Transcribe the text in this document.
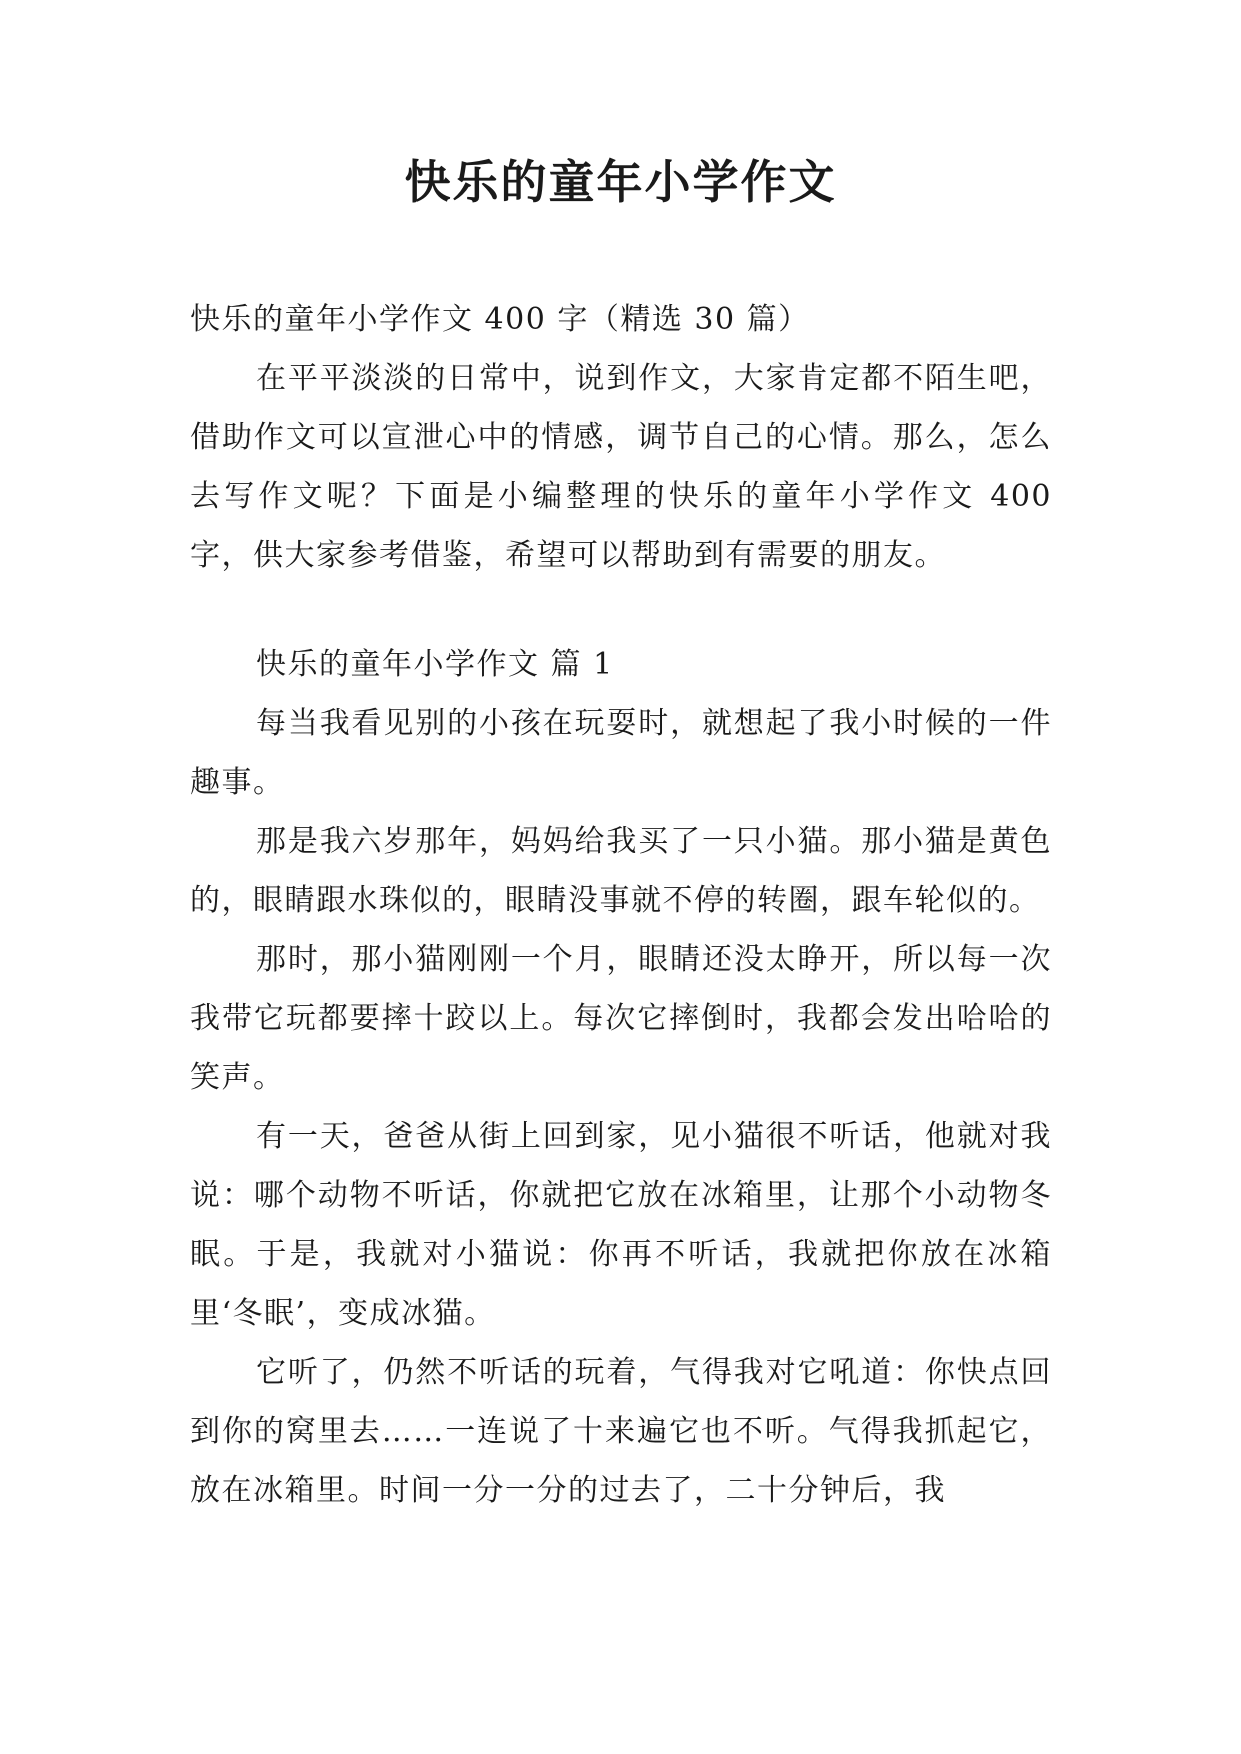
快乐的童年小学作文

快乐的童年小学作文 400 字（精选 30 篇）

在平平淡淡的日常中，说到作文，大家肯定都不陌生吧，借助作文可以宣泄心中的情感，调节自己的心情。那么，怎么去写作文呢？下面是小编整理的快乐的童年小学作文 400 字，供大家参考借鉴，希望可以帮助到有需要的朋友。

快乐的童年小学作文 篇 1

每当我看见别的小孩在玩耍时，就想起了我小时候的一件趣事。

那是我六岁那年，妈妈给我买了一只小猫。那小猫是黄色的，眼睛跟水珠似的，眼睛没事就不停的转圈，跟车轮似的。

那时，那小猫刚刚一个月，眼睛还没太睁开，所以每一次我带它玩都要摔十跤以上。每次它摔倒时，我都会发出哈哈的笑声。

有一天，爸爸从街上回到家，见小猫很不听话，他就对我说：哪个动物不听话，你就把它放在冰箱里，让那个小动物冬眠。于是，我就对小猫说：你再不听话，我就把你放在冰箱里‘冬眠’，变成冰猫。

它听了，仍然不听话的玩着，气得我对它吼道：你快点回到你的窝里去……一连说了十来遍它也不听。气得我抓起它，放在冰箱里。时间一分一分的过去了，二十分钟后，我
